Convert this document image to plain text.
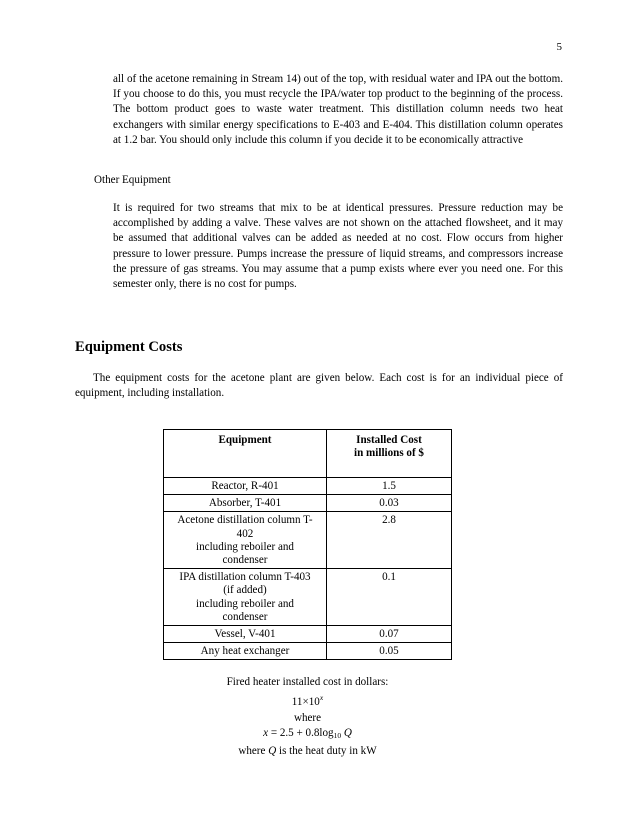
5

all of the acetone remaining in Stream 14) out of the top, with residual water and IPA out the bottom. If you choose to do this, you must recycle the IPA/water top product to the beginning of the process. The bottom product goes to waste water treatment. This distillation column needs two heat exchangers with similar energy specifications to E-403 and E-404. This distillation column operates at 1.2 bar. You should only include this column if you decide it to be economically attractive

Other Equipment

It is required for two streams that mix to be at identical pressures. Pressure reduction may be accomplished by adding a valve. These valves are not shown on the attached flowsheet, and it may be assumed that additional valves can be added as needed at no cost. Flow occurs from higher pressure to lower pressure. Pumps increase the pressure of liquid streams, and compressors increase the pressure of gas streams. You may assume that a pump exists where ever you need one. For this semester only, there is no cost for pumps.

Equipment Costs

The equipment costs for the acetone plant are given below. Each cost is for an individual piece of equipment, including installation.

Equipment	Installed Cost
in millions of $

Reactor, R-401	1.5

Absorber, T-401	0.03

Acetone distillation column T-
402
including reboiler and
condenser	2.8

IPA distillation column T-403
(if added)
including reboiler and
condenser	0.1

Vessel, V-401	0.07

Any heat exchanger	0.05
Fired heater installed cost in dollars:
$11\times 10^x$
where
$x = 2.5 + 0.8\log_{10}$ Q
where Q is the heat duty in kW
